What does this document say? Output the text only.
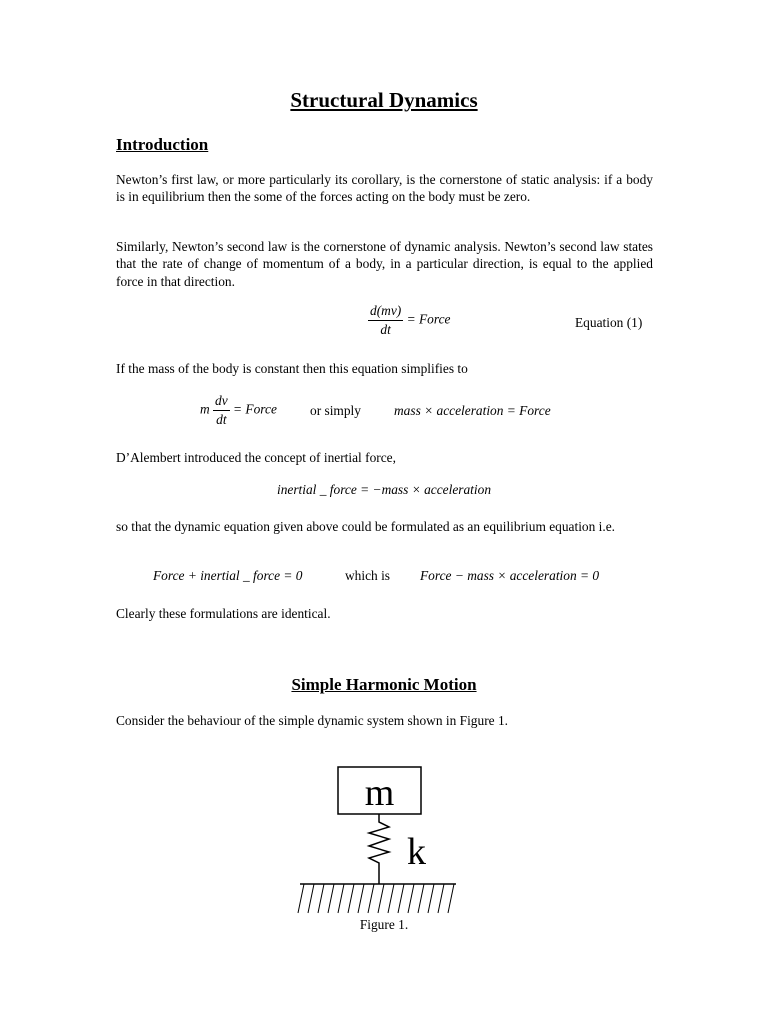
Structural Dynamics
Introduction
Newton’s first law, or more particularly its corollary, is the cornerstone of static analysis: if a body is in equilibrium then the some of the forces acting on the body must be zero.
Similarly, Newton’s second law is the cornerstone of dynamic analysis. Newton’s second law states that the rate of change of momentum of a body, in a particular direction, is equal to the applied force in that direction.
$\frac{d(mv)}{dt}$ = Force	Equation (1)
If the mass of the body is constant then this equation simplifies to
m $\frac{dv}{dt}$ = Force or simply mass × acceleration = Force
D’Alembert introduced the concept of inertial force,
inertial _ force = −mass × acceleration
so that the dynamic equation given above could be formulated as an equilibrium equation i.e.
Force + inertial _ force = 0	which is Force − mass × acceleration = 0
Clearly these formulations are identical.
Simple Harmonic Motion
Consider the behaviour of the simple dynamic system shown in Figure 1.
m
k
Figure 1.
